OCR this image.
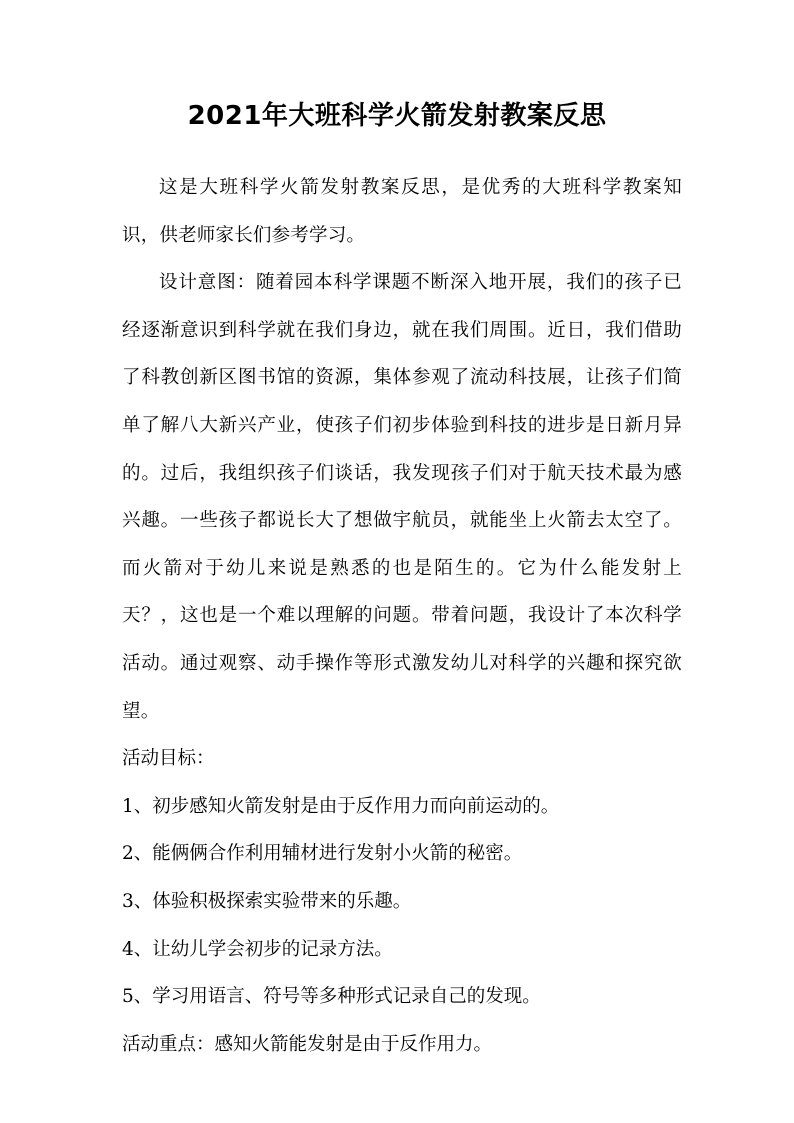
2021年大班科学火箭发射教案反思

这是大班科学火箭发射教案反思，是优秀的大班科学教案知识，供老师家长们参考学习。

设计意图：随着园本科学课题不断深入地开展，我们的孩子已经逐渐意识到科学就在我们身边，就在我们周围。近日，我们借助了科教创新区图书馆的资源，集体参观了流动科技展，让孩子们简单了解八大新兴产业，使孩子们初步体验到科技的进步是日新月异的。过后，我组织孩子们谈话，我发现孩子们对于航天技术最为感兴趣。一些孩子都说长大了想做宇航员，就能坐上火箭去太空了。而火箭对于幼儿来说是熟悉的也是陌生的。它为什么能发射上天？，这也是一个难以理解的问题。带着问题，我设计了本次科学活动。通过观察、动手操作等形式激发幼儿对科学的兴趣和探究欲望。

活动目标：

1、初步感知火箭发射是由于反作用力而向前运动的。

2、能俩俩合作利用辅材进行发射小火箭的秘密。

3、体验积极探索实验带来的乐趣。

4、让幼儿学会初步的记录方法。

5、学习用语言、符号等多种形式记录自己的发现。

活动重点：感知火箭能发射是由于反作用力。
